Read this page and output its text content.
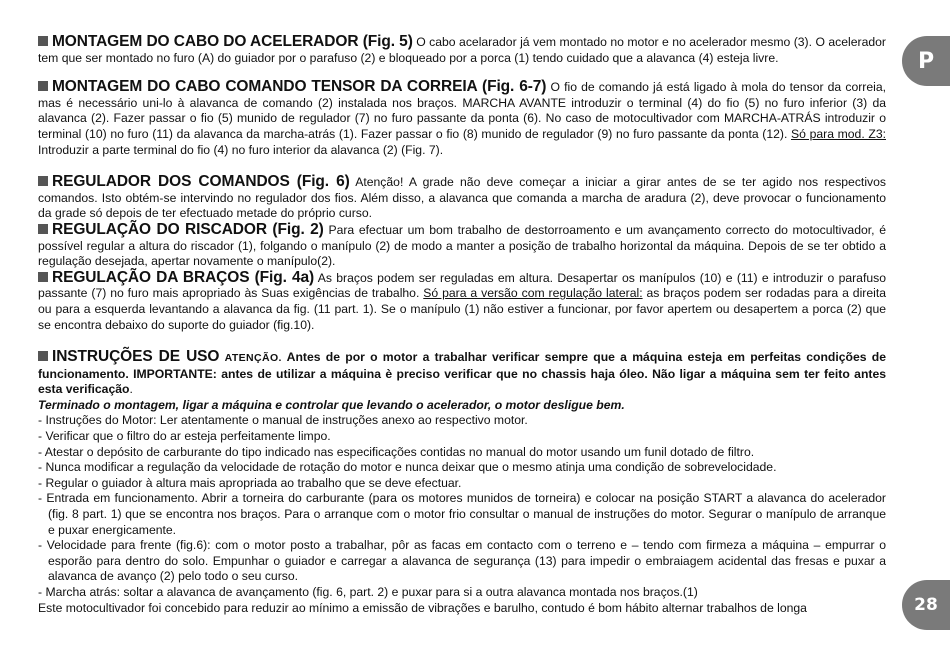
MONTAGEM DO CABO DO ACELERADOR (Fig. 5) O cabo acelarador já vem montado no motor e no acelerador mesmo (3). O acelerador tem que ser montado no furo (A) do guiador por o parafuso (2) e bloqueado por a porca (1) tendo cuidado que a alavanca (4) esteja livre.

MONTAGEM DO CABO COMANDO TENSOR DA CORREIA (Fig. 6-7) O fio de comando já está ligado à mola do tensor da correia, mas é necessário uni-lo à alavanca de comando (2) instalada nos braços. MARCHA AVANTE introduzir o terminal (4) do fio (5) no furo inferior (3) da alavanca (2). Fazer passar o fio (5) munido de regulador (7) no furo passante da ponta (6). No caso de motocultivador com MARCHA-ATRÁS introduzir o terminal (10) no furo (11) da alavanca da marcha-atrás (1). Fazer passar o fio (8) munido de regulador (9) no furo passante da ponta (12). Só para mod. Z3: Introduzir a parte terminal do fio (4) no furo interior da alavanca (2) (Fig. 7).

REGULADOR DOS COMANDOS (Fig. 6) Atenção! A grade não deve começar a iniciar a girar antes de se ter agido nos respectivos comandos. Isto obtém-se intervindo no regulador dos fios. Além disso, a alavanca que comanda a marcha de aradura (2), deve provocar o funcionamento da grade só depois de ter efectuado metade do próprio curso.

REGULAÇÃO DO RISCADOR (Fig. 2) Para efectuar um bom trabalho de destorroamento e um avançamento correcto do motocultivador, é possível regular a altura do riscador (1), folgando o manípulo (2) de modo a manter a posição de trabalho horizontal da máquina. Depois de se ter obtido a regulação desejada, apertar novamente o manípulo(2).

REGULAÇÃO DA BRAÇOS (Fig. 4a) As braços podem ser reguladas em altura. Desapertar os manípulos (10) e (11) e introduzir o parafuso passante (7) no furo mais apropriado às Suas exigências de trabalho. Só para a versão com regulação lateral: as braços podem ser rodadas para a direita ou para a esquerda levantando a alavanca da fig. (11 part. 1). Se o manípulo (1) não estiver a funcionar, por favor apertem ou desapertem a porca (2) que se encontra debaixo do suporte do guiador (fig.10).

INSTRUÇÕES DE USO ATENÇÃO. Antes de por o motor a trabalhar verificar sempre que a máquina esteja em perfeitas condições de funcionamento. IMPORTANTE: antes de utilizar a máquina è preciso verificar que no chassis haja óleo. Não ligar a máquina sem ter feito antes esta verificação.

Terminado o montagem, ligar a máquina e controlar que levando o acelerador, o motor desligue bem.

- Instruções do Motor: Ler atentamente o manual de instruções anexo ao respectivo motor.

- Verificar que o filtro do ar esteja perfeitamente limpo.

- Atestar o depósito de carburante do tipo indicado nas especificações contidas no manual do motor usando um funil dotado de filtro.

- Nunca modificar a regulação da velocidade de rotação do motor e nunca deixar que o mesmo atinja uma condição de sobrevelocidade.

- Regular o guiador à altura mais apropriada ao trabalho que se deve efectuar.

- Entrada em funcionamento. Abrir a torneira do carburante (para os motores munidos de torneira) e colocar na posição START a alavanca do acelerador (fig. 8 part. 1) que se encontra nos braços. Para o arranque com o motor frio consultar o manual de instruções do motor. Segurar o manípulo de arranque e puxar energicamente.

- Velocidade para frente (fig.6): com o motor posto a trabalhar, pôr as facas em contacto com o terreno e – tendo com firmeza a máquina – empurrar o esporão para dentro do solo. Empunhar o guiador e carregar a alavanca de segurança (13) para impedir o embraiagem acidental das fresas e puxar a alavanca de avanço (2) pelo todo o seu curso.

- Marcha atrás: soltar a alavanca de avançamento (fig. 6, part. 2) e puxar para si a outra alavanca montada nos braços.(1)

Este motocultivador foi concebido para reduzir ao mínimo a emissão de vibrações e barulho, contudo é bom hábito alternar trabalhos de longa

P
28
